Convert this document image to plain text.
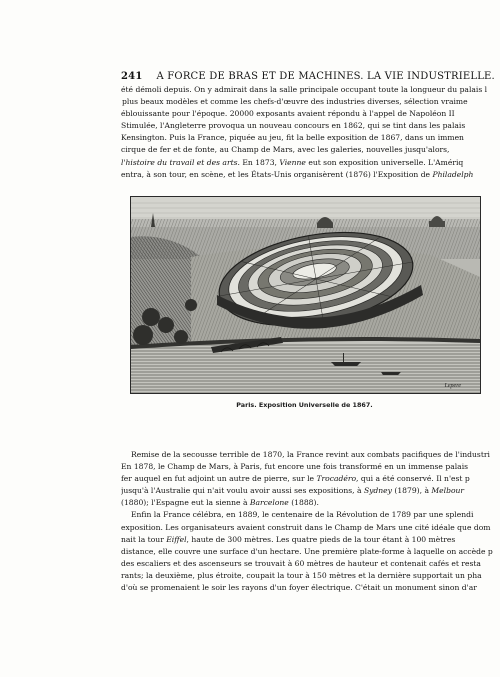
241 A FORCE DE BRAS ET DE MACHINES. LA VIE INDUSTRIELLE.

été démoli depuis. On y admirait dans la salle principale occupant toute la longueur du palais l

plus beaux modèles et comme les chefs-d'œuvre des industries diverses, sélection vraime

éblouissante pour l'époque. 20000 exposants avaient répondu à l'appel de Napoléon II

Stimulée, l'Angleterre provoqua un nouveau concours en 1862, qui se tint dans les palais

Kensington. Puis la France, piquée au jeu, fit la belle exposition de 1867, dans un immen

cirque de fer et de fonte, au Champ de Mars, avec les galeries, nouvelles jusqu'alors,

l'histoire du travail et des arts. En 1873, Vienne eut son exposition universelle. L'Amériq

entra, à son tour, en scène, et les États-Unis organisèrent (1876) l'Exposition de Philadelph

Lepere
Paris. Exposition Universelle de 1867.

Remise de la secousse terrible de 1870, la France revint aux combats pacifiques de l'industri

En 1878, le Champ de Mars, à Paris, fut encore une fois transformé en un immense palais

fer auquel en fut adjoint un autre de pierre, sur le Trocadéro, qui a été conservé. Il n'est p

jusqu'à l'Australie qui n'ait voulu avoir aussi ses expositions, à Sydney (1879), à Melbour

(1880); l'Espagne eut la sienne à Barcelone (1888).

Enfin la France célébra, en 1889, le centenaire de la Révolution de 1789 par une splendi

exposition. Les organisateurs avaient construit dans le Champ de Mars une cité idéale que dom

nait la tour Eiffel, haute de 300 mètres. Les quatre pieds de la tour étant à 100 mètres

distance, elle couvre une surface d'un hectare. Une première plate-forme à laquelle on accède p

des escaliers et des ascenseurs se trouvait à 60 mètres de hauteur et contenait cafés et resta

rants; la deuxième, plus étroite, coupait la tour à 150 mètres et la dernière supportait un pha

d'où se promenaient le soir les rayons d'un foyer électrique. C'était un monument sinon d'ar
